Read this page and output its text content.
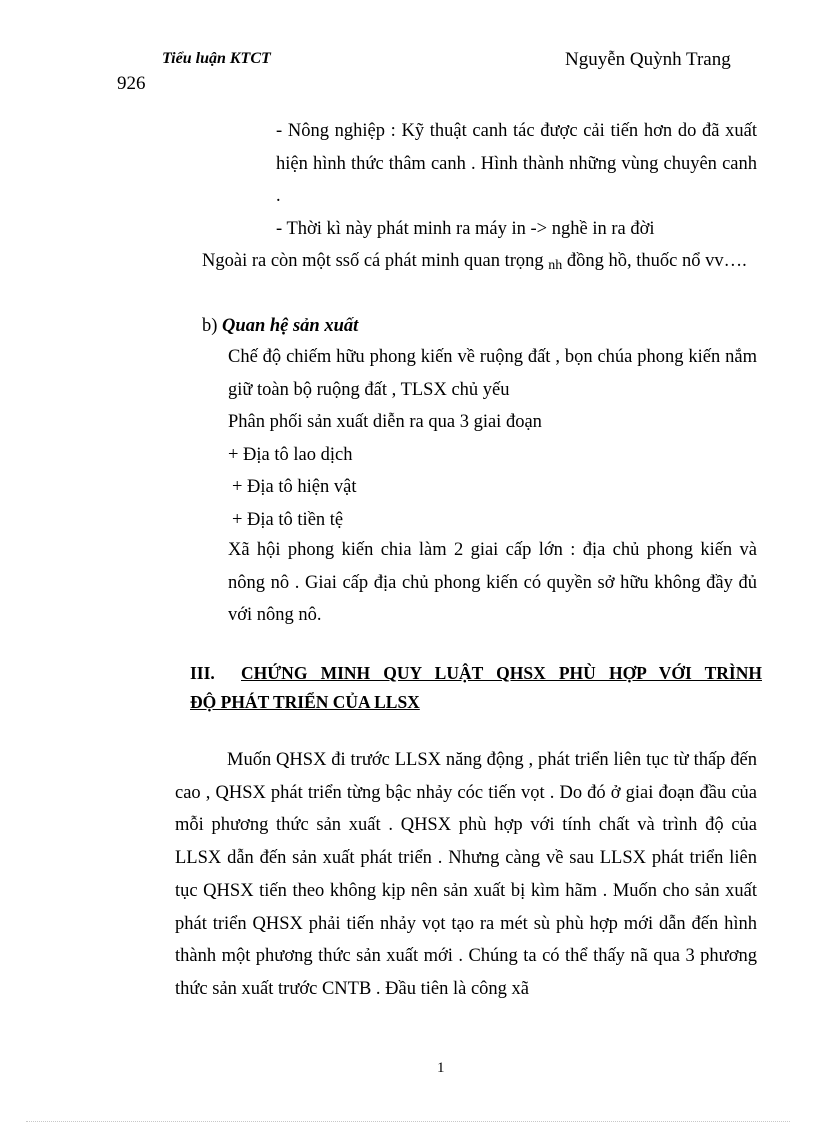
Tiểu luận KTCT	Nguyễn Quỳnh Trang
926
- Nông nghiệp : Kỹ thuật canh tác được cải tiến hơn do đã xuất hiện hình thức thâm canh . Hình thành những vùng chuyên canh .
- Thời kì này phát minh ra máy in -> nghề in ra đời
Ngoài ra còn một ssố cá phát minh quan trọng nh đồng hồ, thuốc nổ vv….
b) Quan hệ sản xuất
Chế độ chiếm hữu phong kiến về ruộng đất , bọn chúa phong kiến nắm giữ toàn bộ ruộng đất , TLSX chủ yếu
Phân phối sản xuất diễn ra qua 3 giai đoạn
+ Địa tô lao dịch
+ Địa tô hiện vật
+ Địa tô tiền tệ
Xã hội phong kiến chia làm 2 giai cấp lớn : địa chủ phong kiến và nông nô . Giai cấp địa chủ phong kiến có quyền sở hữu không đầy đủ với nông nô.
III. CHỨNG MINH QUY LUẬT QHSX PHÙ HỢP VỚI TRÌNH
ĐỘ PHÁT TRIỂN CỦA LLSX
Muốn QHSX đi trước LLSX năng động , phát triển liên tục từ thấp đến cao , QHSX phát triển từng bậc nhảy cóc tiến vọt . Do đó ở giai đoạn đầu của mỗi phương thức sản xuất . QHSX phù hợp với tính chất và trình độ của LLSX dẫn đến sản xuất phát triển . Nhưng càng về sau LLSX phát triển liên tục QHSX tiến theo không kịp nên sản xuất bị kìm hãm . Muốn cho sản xuất phát triển QHSX phải tiến nhảy vọt tạo ra mét sù phù hợp mới dẫn đến hình thành một phương thức sản xuất mới . Chúng ta có thể thấy nã qua 3 phương thức sản xuất trước CNTB . Đầu tiên là công xã
1
